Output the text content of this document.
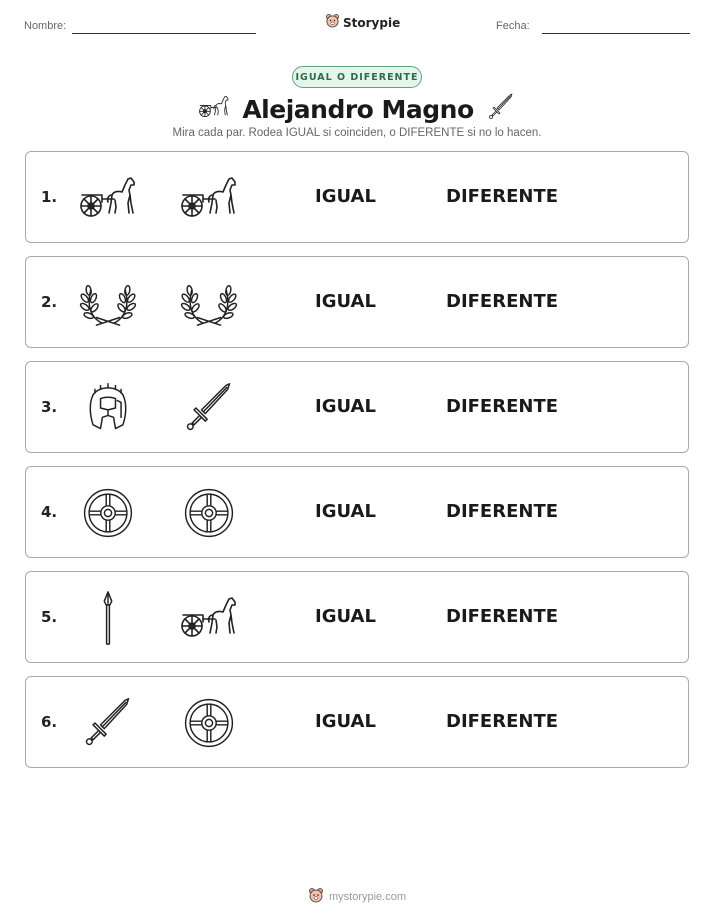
Nombre:	Storypie	Fecha:
IGUAL O DIFERENTE
Alejandro Magno
Mira cada par. Rodea IGUAL si coinciden, o DIFERENTE si no lo hacen.
1.	IGUAL	DIFERENTE
2.	IGUAL	DIFERENTE
3.	IGUAL	DIFERENTE
4.	IGUAL	DIFERENTE
5.	IGUAL	DIFERENTE
6.	IGUAL	DIFERENTE
mystorypie.com
